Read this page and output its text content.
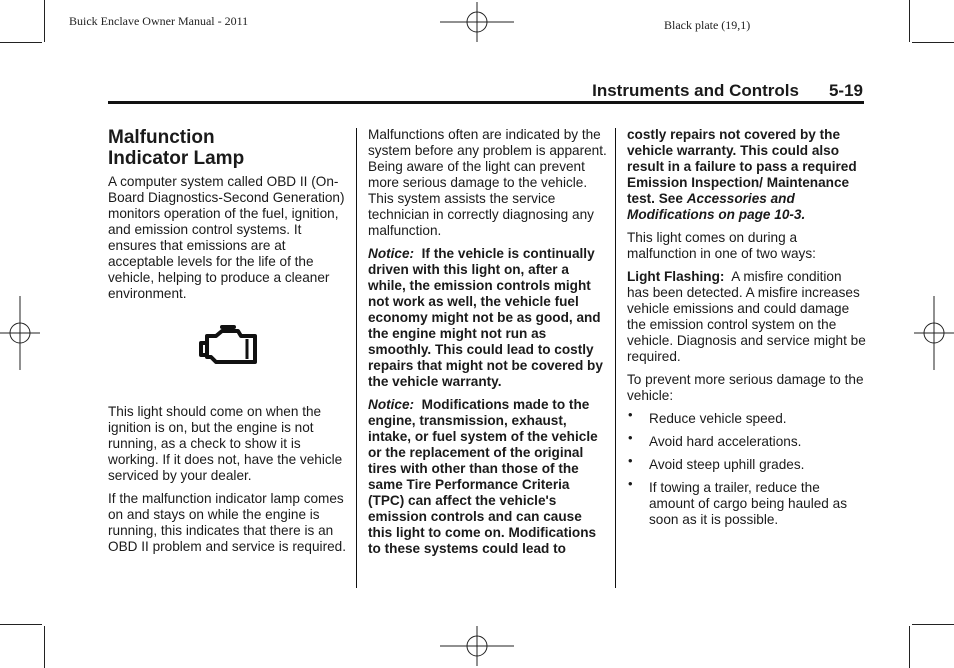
Buick Enclave Owner Manual - 2011	Black plate (19,1)
Instruments and Controls 5-19
Malfunction
Indicator Lamp

A computer system called OBD II (On-Board Diagnostics-Second Generation) monitors operation of the fuel, ignition, and emission control systems. It ensures that emissions are at acceptable levels for the life of the vehicle, helping to produce a cleaner environment.

This light should come on when the ignition is on, but the engine is not running, as a check to show it is working. If it does not, have the vehicle serviced by your dealer.

If the malfunction indicator lamp comes on and stays on while the engine is running, this indicates that there is an OBD II problem and service is required.

Malfunctions often are indicated by the system before any problem is apparent. Being aware of the light can prevent more serious damage to the vehicle. This system assists the service technician in correctly diagnosing any malfunction.

Notice: If the vehicle is continually driven with this light on, after a while, the emission controls might not work as well, the vehicle fuel economy might not be as good, and the engine might not run as smoothly. This could lead to costly repairs that might not be covered by the vehicle warranty.

Notice: Modifications made to the engine, transmission, exhaust, intake, or fuel system of the vehicle or the replacement of the original tires with other than those of the same Tire Performance Criteria (TPC) can affect the vehicle's emission controls and can cause this light to come on. Modifications to these systems could lead to

costly repairs not covered by the vehicle warranty. This could also result in a failure to pass a required Emission Inspection/ Maintenance test. See Accessories and Modifications on page 10-3.

This light comes on during a malfunction in one of two ways:

Light Flashing: A misfire condition has been detected. A misfire increases vehicle emissions and could damage the emission control system on the vehicle. Diagnosis and service might be required.

To prevent more serious damage to the vehicle:

• Reduce vehicle speed.
• Avoid hard accelerations.
• Avoid steep uphill grades.
• If towing a trailer, reduce the amount of cargo being hauled as soon as it is possible.
